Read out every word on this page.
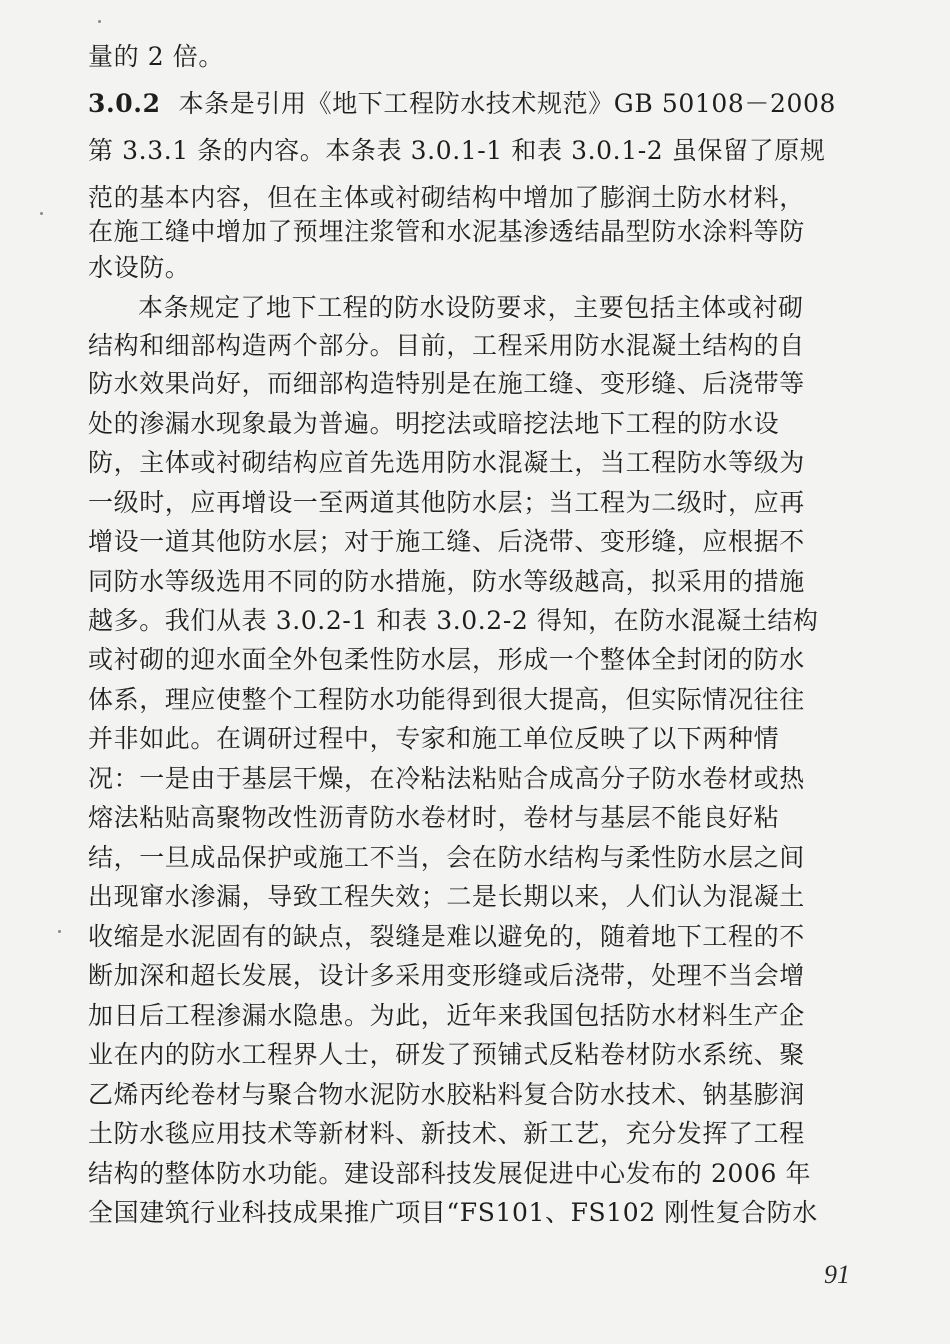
量的 2 倍。
3.0.2 本条是引用《地下工程防水技术规范》GB 50108－2008
第 3.3.1 条的内容。本条表 3.0.1-1 和表 3.0.1-2 虽保留了原规
范的基本内容，但在主体或衬砌结构中增加了膨润土防水材料，
在施工缝中增加了预埋注浆管和水泥基渗透结晶型防水涂料等防
水设防。
本条规定了地下工程的防水设防要求，主要包括主体或衬砌
结构和细部构造两个部分。目前，工程采用防水混凝土结构的自
防水效果尚好，而细部构造特别是在施工缝、变形缝、后浇带等
处的渗漏水现象最为普遍。明挖法或暗挖法地下工程的防水设
防，主体或衬砌结构应首先选用防水混凝土，当工程防水等级为
一级时，应再增设一至两道其他防水层；当工程为二级时，应再
增设一道其他防水层；对于施工缝、后浇带、变形缝，应根据不
同防水等级选用不同的防水措施，防水等级越高，拟采用的措施
越多。我们从表 3.0.2-1 和表 3.0.2-2 得知，在防水混凝土结构
或衬砌的迎水面全外包柔性防水层，形成一个整体全封闭的防水
体系，理应使整个工程防水功能得到很大提高，但实际情况往往
并非如此。在调研过程中，专家和施工单位反映了以下两种情
况：一是由于基层干燥，在冷粘法粘贴合成高分子防水卷材或热
熔法粘贴高聚物改性沥青防水卷材时，卷材与基层不能良好粘
结，一旦成品保护或施工不当，会在防水结构与柔性防水层之间
出现窜水渗漏，导致工程失效；二是长期以来，人们认为混凝土
收缩是水泥固有的缺点，裂缝是难以避免的，随着地下工程的不
断加深和超长发展，设计多采用变形缝或后浇带，处理不当会增
加日后工程渗漏水隐患。为此，近年来我国包括防水材料生产企
业在内的防水工程界人士，研发了预铺式反粘卷材防水系统、聚
乙烯丙纶卷材与聚合物水泥防水胶粘料复合防水技术、钠基膨润
土防水毯应用技术等新材料、新技术、新工艺，充分发挥了工程
结构的整体防水功能。建设部科技发展促进中心发布的 2006 年
全国建筑行业科技成果推广项目“FS101、FS102 刚性复合防水
91
